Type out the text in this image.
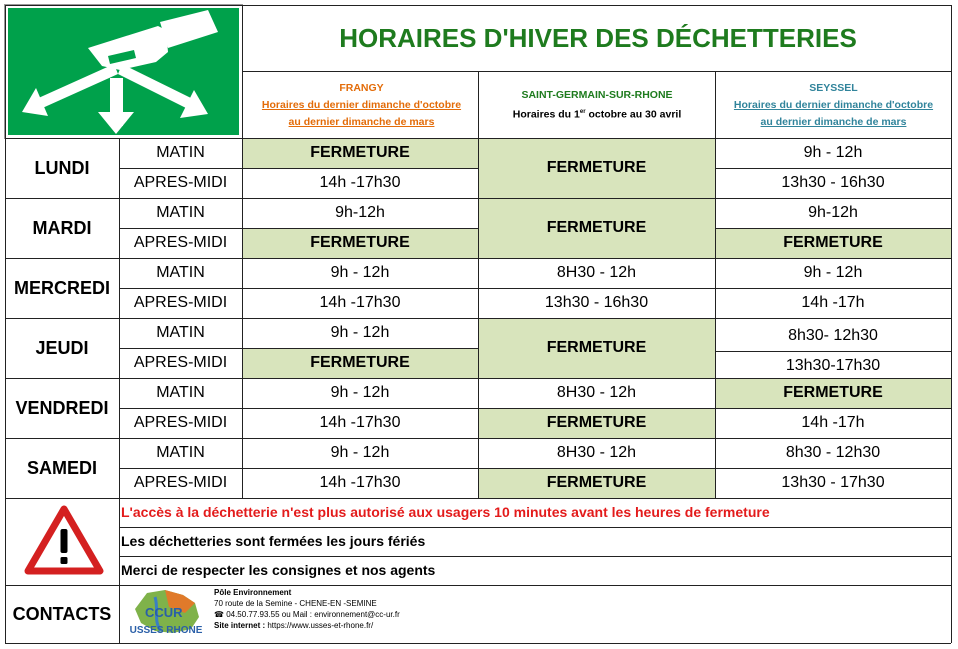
HORAIRES D'HIVER DES DÉCHETTERIES
FRANGY
Horaires du dernier dimanche d'octobre
au dernier dimanche de mars
SAINT-GERMAIN-SUR-RHONE
Horaires du 1er octobre au 30 avril
SEYSSEL
Horaires du dernier dimanche d'octobre
au dernier dimanche de mars
LUNDI
MARDI
MERCREDI
JEUDI
VENDREDI
SAMEDI
MATIN
APRES-MIDI
MATIN
APRES-MIDI
MATIN
APRES-MIDI
MATIN
APRES-MIDI
MATIN
APRES-MIDI
MATIN
APRES-MIDI
FERMETURE
14h -17h30
9h-12h
FERMETURE
9h - 12h
14h -17h30
9h - 12h
FERMETURE
9h - 12h
14h -17h30
9h - 12h
14h -17h30
FERMETURE
FERMETURE
8H30 - 12h
13h30 - 16h30
FERMETURE
8H30 - 12h
FERMETURE
8H30 - 12h
FERMETURE
9h - 12h
13h30 - 16h30
9h-12h
FERMETURE
9h - 12h
14h -17h
8h30- 12h30
13h30-17h30
FERMETURE
14h -17h
8h30 - 12h30
13h30 - 17h30
L'accès à la déchetterie n'est plus autorisé aux usagers 10 minutes avant les heures de fermeture
Les déchetteries sont fermées les jours fériés
Merci de respecter les consignes et nos agents
CONTACTS	CCUR
USSES RHONE
Pôle Environnement
70 route de la Semine - CHENE-EN -SEMINE
☎ 04.50.77.93.55 ou Mail : environnement@cc-ur.fr
Site internet : https://www.usses-et-rhone.fr/
